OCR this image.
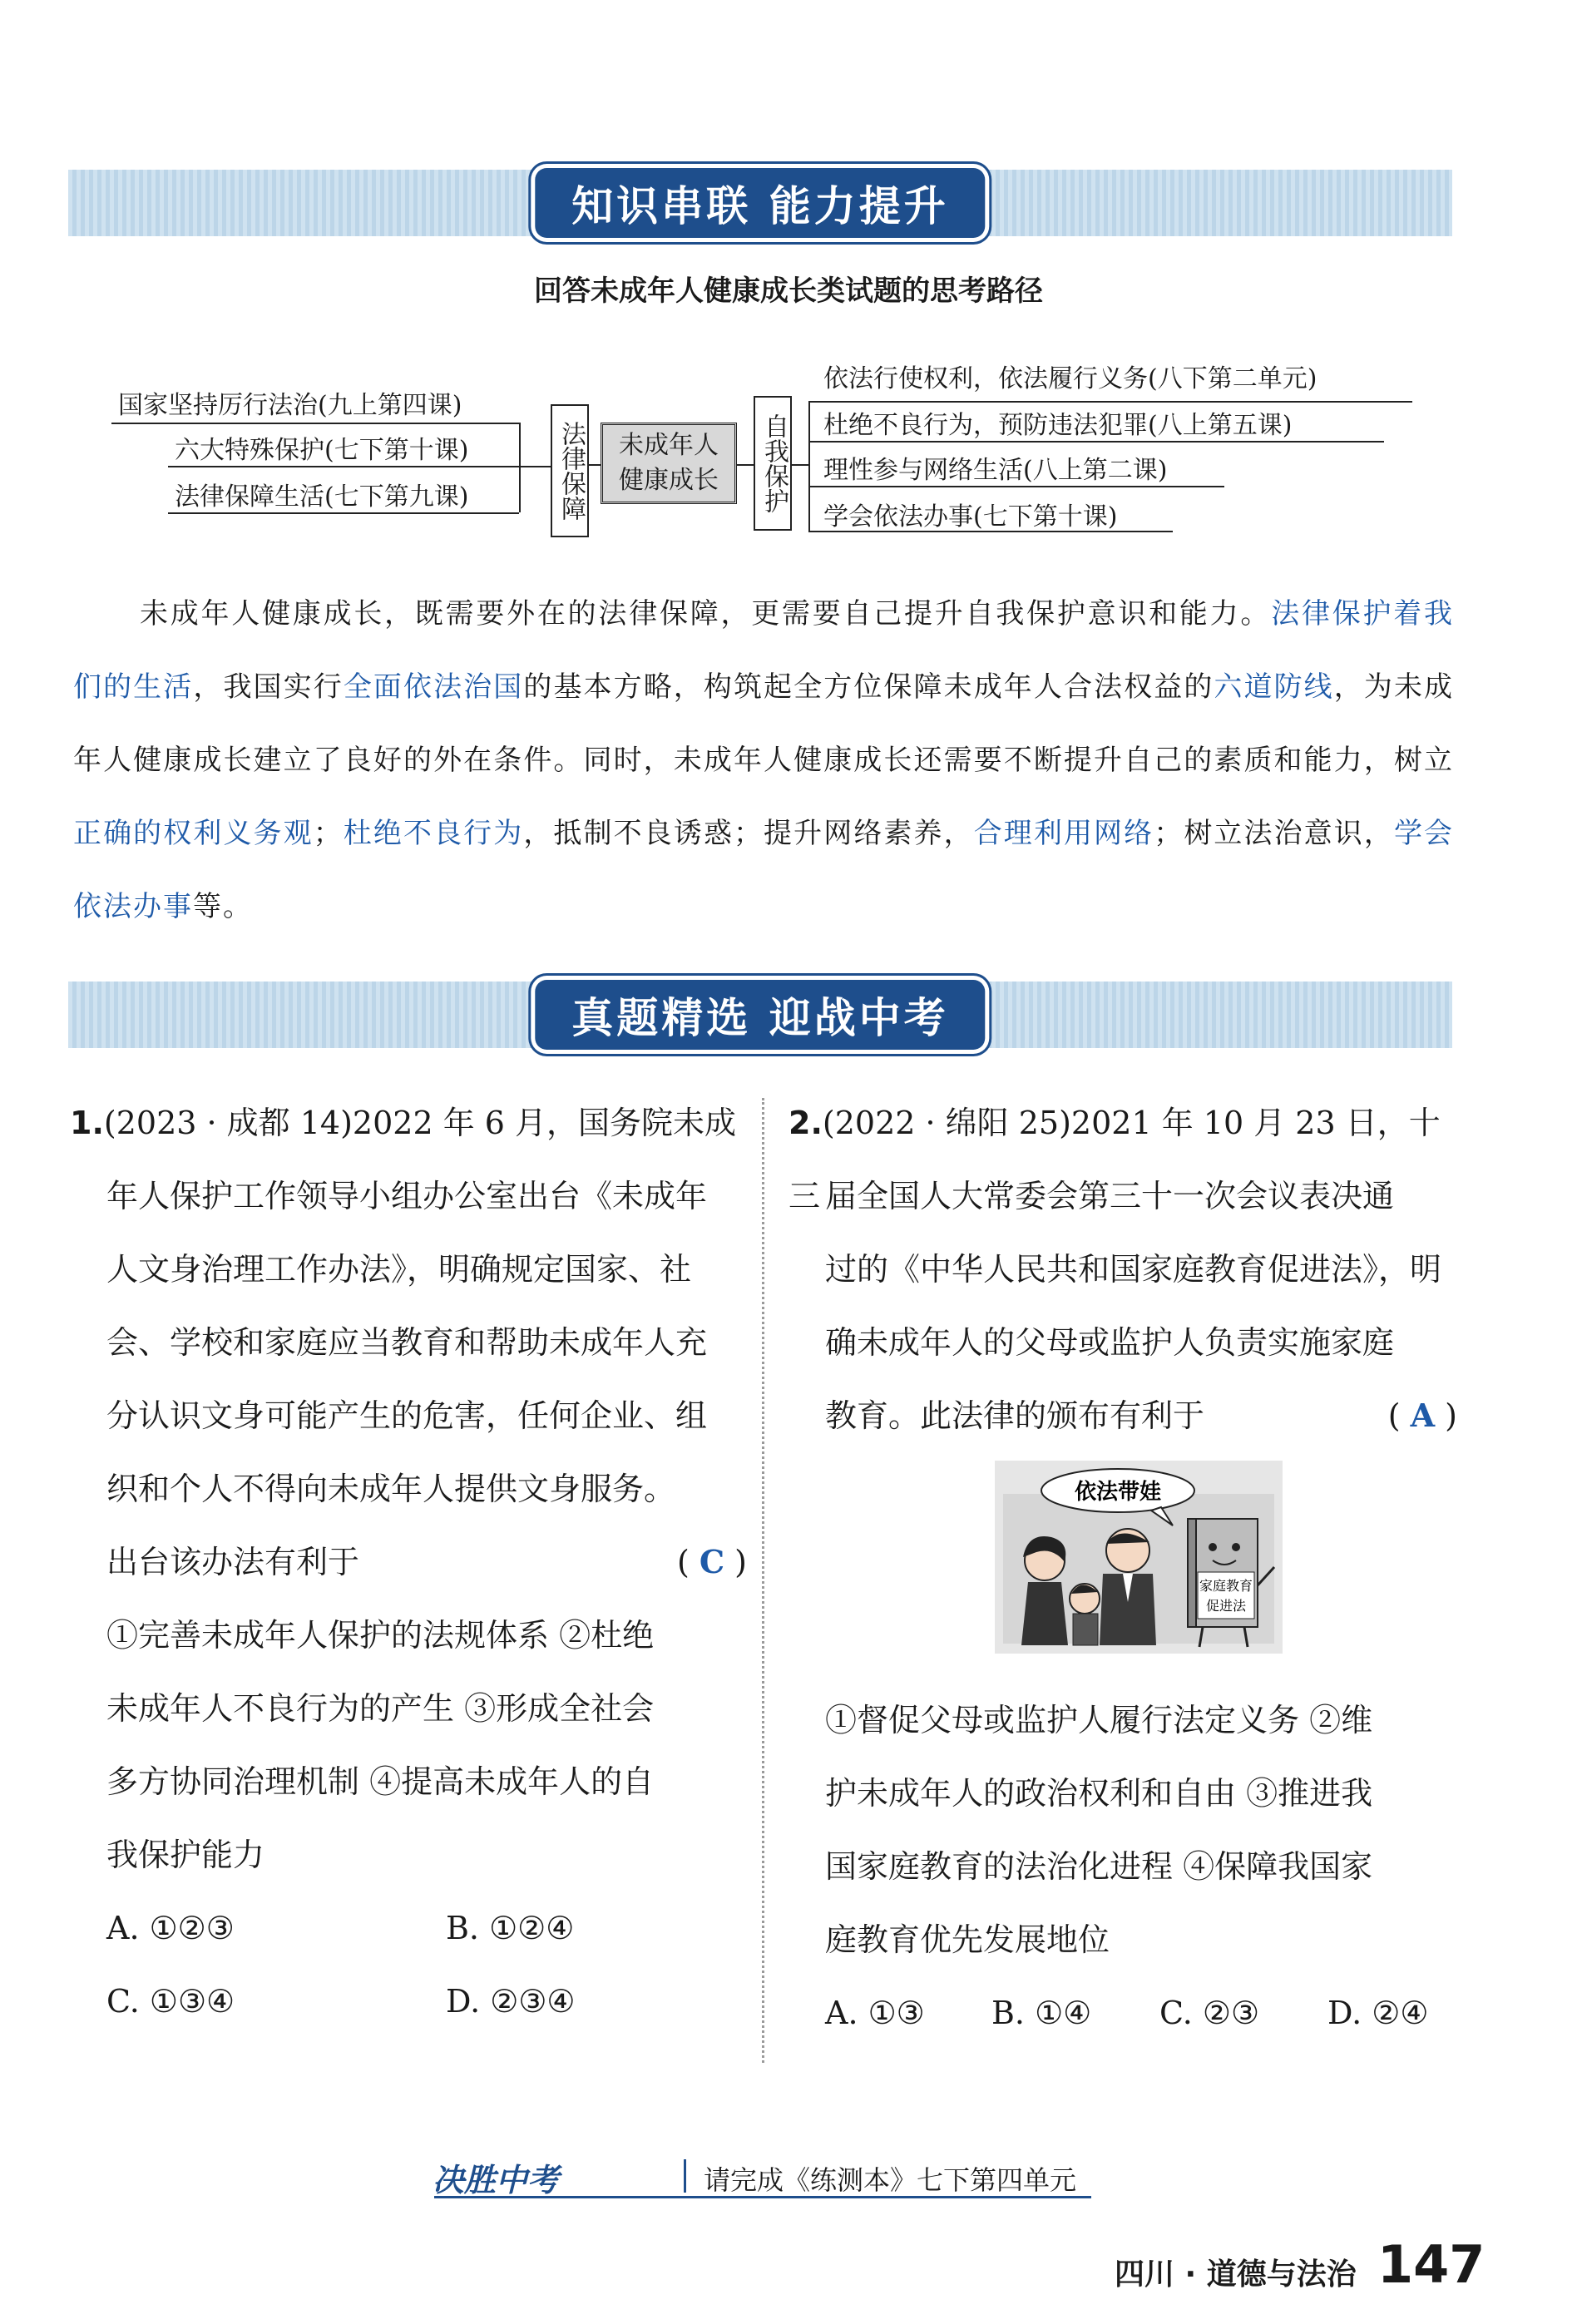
知识串联 能力提升
回答未成年人健康成长类试题的思考路径
国家坚持厉行法治(九上第四课)
六大特殊保护(七下第十课)
法律保障生活(七下第九课)	法律保障	未成年人
健康成长	自我保护
依法行使权利，依法履行义务(八下第二单元)
杜绝不良行为，预防违法犯罪(八上第五课)
理性参与网络生活(八上第二课)
学会依法办事(七下第十课)
未成年人健康成长，既需要外在的法律保障，更需要自己提升自我保护意识和能力。法律保护着我们的生活，我国实行全面依法治国的基本方略，构筑起全方位保障未成年人合法权益的六道防线，为未成年人健康成长建立了良好的外在条件。同时，未成年人健康成长还需要不断提升自己的素质和能力，树立正确的权利义务观；杜绝不良行为，抵制不良诱惑；提升网络素养，合理利用网络；树立法治意识，学会依法办事等。
真题精选 迎战中考
1.(2023 · 成都 14)2022 年 6 月，国务院未成
年人保护工作领导小组办公室出台《未成年
人文身治理工作办法》，明确规定国家、社
会、学校和家庭应当教育和帮助未成年人充
分认识文身可能产生的危害，任何企业、组
织和个人不得向未成年人提供文身服务。
出台该办法有利于	( C )
①完善未成年人保护的法规体系 ②杜绝
未成年人不良行为的产生 ③形成全社会
多方协同治理机制 ④提高未成年人的自
我保护能力
A. ①②③	B. ①②④
C. ①③④	D. ②③④
2.(2022 · 绵阳 25)2021 年 10 月 23 日，十三 届全国人大常委会第三十一次会议表决通
过的《中华人民共和国家庭教育促进法》，明
确未成年人的父母或监护人负责实施家庭
教育。此法律的颁布有利于	( A )
依法带娃
家庭教育
促进法
①督促父母或监护人履行法定义务 ②维
护未成年人的政治权利和自由 ③推进我
国家庭教育的法治化进程 ④保障我国家
庭教育优先发展地位
A. ①③ B. ①④ C. ②③ D. ②④
决胜中考	请完成《练测本》七下第四单元
四川 · 道德与法治 147
